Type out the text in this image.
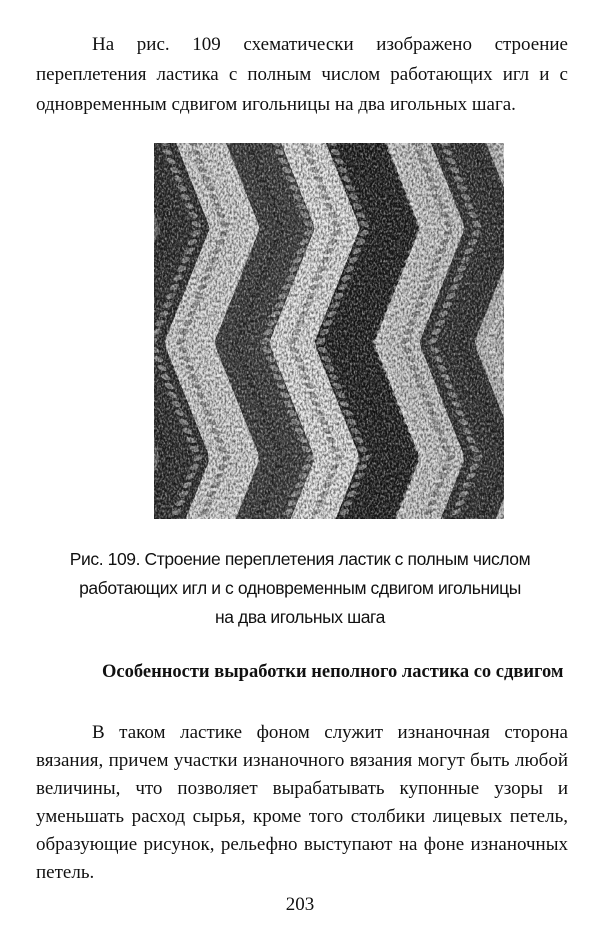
На рис. 109 схематически изображено строение переплетения ластика с полным числом работающих игл и с одновременным сдвигом игольницы на два игольных шага.

Рис. 109. Строение переплетения ластик с полным числом
работающих игл и с одновременным сдвигом игольницы
на два игольных шага

Особенности выработки неполного ластика со сдвигом

В таком ластике фоном служит изнаночная сторона вязания, причем участки изнаночного вязания могут быть любой величины, что позволяет вырабатывать купонные узоры и уменьшать расход сырья, кроме того столбики лицевых петель, образующие рисунок, рельефно выступают на фоне изнаночных петель.

203
